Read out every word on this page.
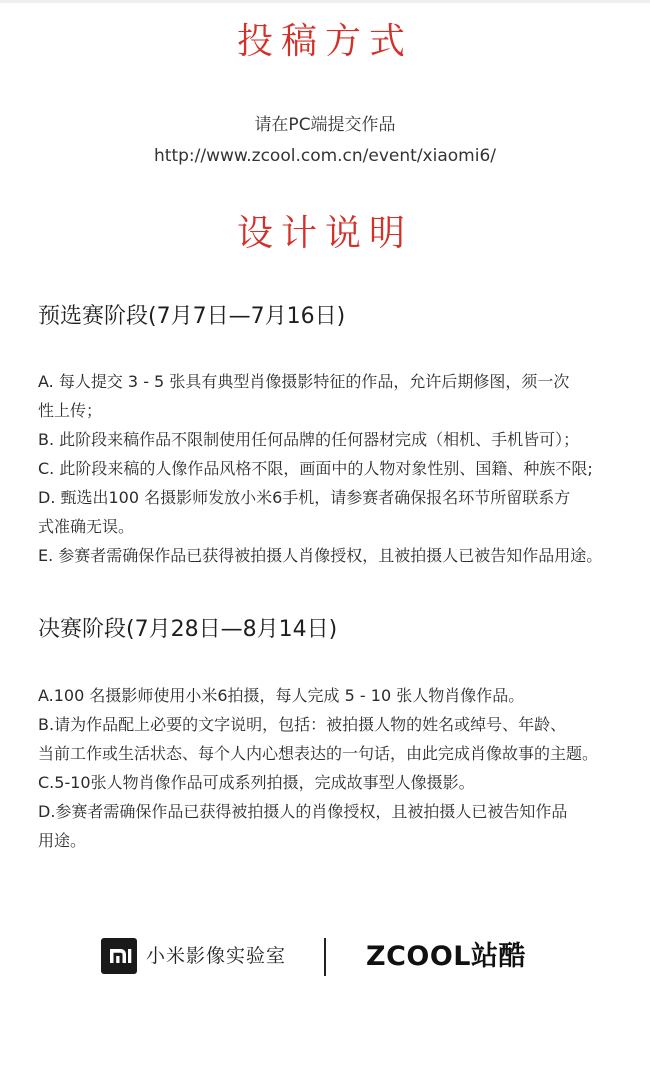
投稿方式
请在PC端提交作品
http://www.zcool.com.cn/event/xiaomi6/
设计说明
预选赛阶段(7月7日—7月16日)
A. 每人提交 3 - 5 张具有典型肖像摄影特征的作品，允许后期修图，须一次
性上传；
B. 此阶段来稿作品不限制使用任何品牌的任何器材完成（相机、手机皆可）；
C. 此阶段来稿的人像作品风格不限，画面中的人物对象性别、国籍、种族不限;
D. 甄选出100 名摄影师发放小米6手机，请参赛者确保报名环节所留联系方
式准确无误。
E. 参赛者需确保作品已获得被拍摄人肖像授权，且被拍摄人已被告知作品用途。
决赛阶段(7月28日—8月14日)
A.100 名摄影师使用小米6拍摄，每人完成 5 - 10 张人物肖像作品。
B.请为作品配上必要的文字说明，包括：被拍摄人物的姓名或绰号、年龄、
当前工作或生活状态、每个人内心想表达的一句话，由此完成肖像故事的主题。
C.5-10张人物肖像作品可成系列拍摄，完成故事型人像摄影。
D.参赛者需确保作品已获得被拍摄人的肖像授权，且被拍摄人已被告知作品
用途。
小米影像实验室	ZCOOL站酷
